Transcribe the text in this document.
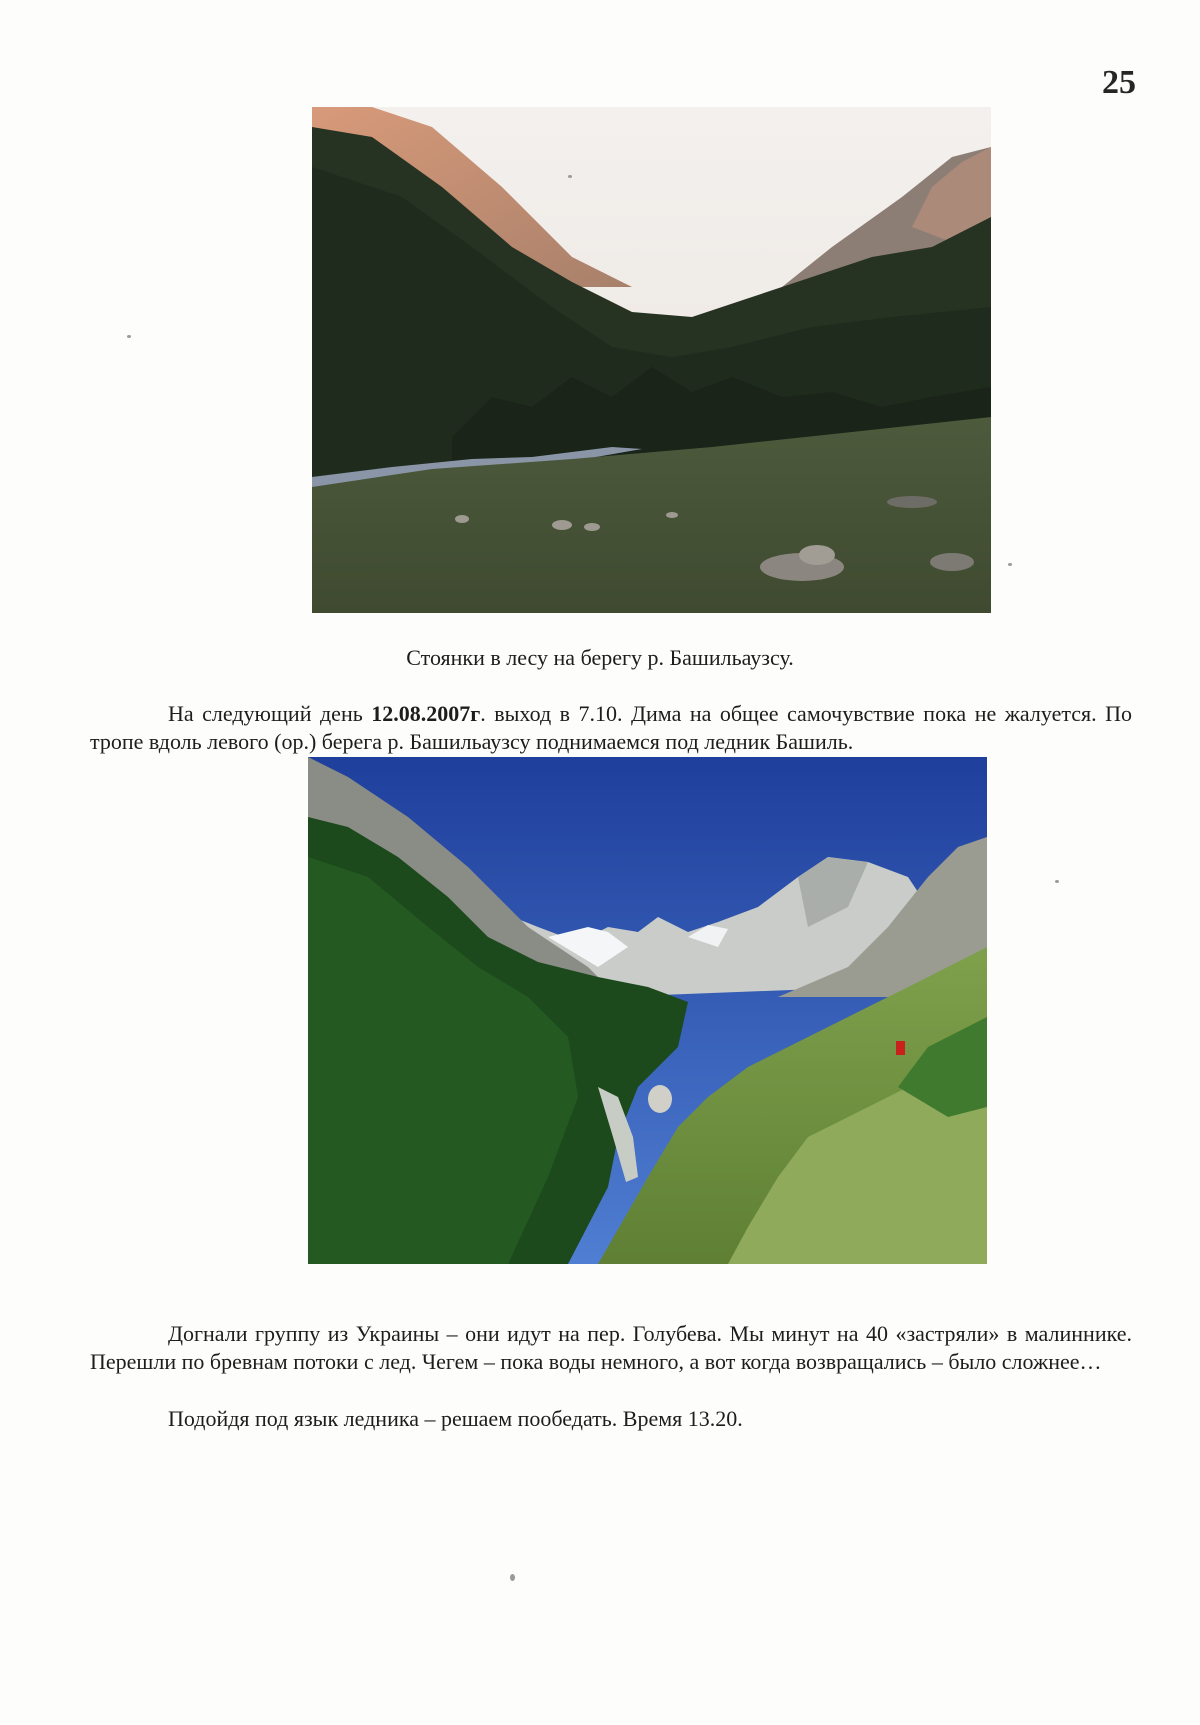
25
Стоянки в лесу на берегу р. Башильаузсу.
На следующий день 12.08.2007г. выход в 7.10. Дима на общее самочувствие пока не жалуется. По тропе вдоль левого (ор.) берега р. Башильаузсу поднимаемся под ледник Башиль.
Догнали группу из Украины – они идут на пер. Голубева. Мы минут на 40 «застряли» в малиннике. Перешли по бревнам потоки с лед. Чегем – пока воды немного, а вот когда возвращались – было сложнее…
Подойдя под язык ледника – решаем пообедать. Время 13.20.
